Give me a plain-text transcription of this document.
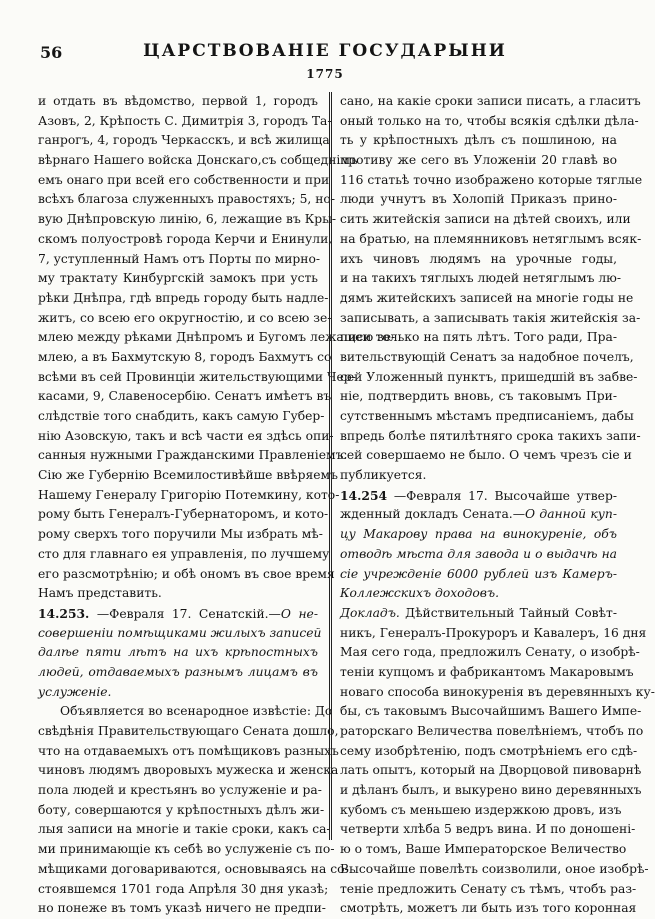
56	ЦАРСТВОВАНІЕ ГОСУДАРЫНИ
1775
и отдать въ вѣдомство, первой 1, городъ
Азовъ, 2, Крѣпость С. Димитрія 3, городъ Та-
ганрогъ, 4, городъ Черкасскъ, и всѣ жилища
вѣрнаго Нашего войска Донскаго,съ собщеднімъ
емъ онаго при всей его собственности и при
всѣхъ благоза служенныхъ правостяхъ; 5, но-
вую Днѣпровскую линію, 6, лежащие въ Кры-
скомъ полуостровѣ города Керчи и Енинули,
7, уступленный Намъ отъ Порты по мирно-
му трактату Кинбургскій замокъ при усть
рѣки Днѣпра, гдѣ впредь городу быть надле-
житъ, со всею его округностію, и со всею зе-
млею между рѣками Днѣпромъ и Бугомъ лежащею зе-
млею, а въ Бахмутскую 8, городъ Бахмутъ со
всѣми въ сей Провинціи жительствующими Чер-
касами, 9, Славеносербію. Сенатъ имѣетъ въ
слѣдствіе того снабдить, какъ самую Губер-
нію Азовскую, такъ и всѣ части ея здѣсь опи-
санныя нужными Гражданскими Правленіемъ.
Сію же Губернію Всемилостивѣйше ввѣряемъ
Нашему Генералу Григорію Потемкину, кото-
рому быть Генералъ-Губернаторомъ, и кото-
рому сверхъ того поручили Мы избрать мѣ-
сто для главнаго ея управленія, по лучшему
его разсмотрѣнію; и обѣ ономъ въ свое время
Намъ представить.
14.253. —Февраля 17. Сенатскій.—О не-
совершеніи помѣщиками жилыхъ записей
далѣе пяти лѣтъ на ихъ крѣпостныхъ
людей, отдаваемыхъ разнымъ лицамъ въ
услуженіе.
Объявляется во всенародное извѣстіе: До
свѣдѣнія Правительствующаго Сената дошло,
что на отдаваемыхъ отъ помѣщиковъ разныхъ
чиновъ людямъ дворовыхъ мужеска и женска
пола людей и крестьянъ во услуженіе и ра-
боту, совершаются у крѣпостныхъ дѣлъ жи-
лыя записи на многіе и такіе сроки, какъ са-
ми принимающіе къ себѣ во услуженіе съ по-
мѣщиками договариваются, основываясь на со-
стоявшемся 1701 года Апрѣля 30 дня указѣ;
но понеже въ томъ указѣ ничего не предпи-
сано, на какіе сроки записи писать, а гласитъ
оный только на то, чтобы всякія сдѣлки дѣла-
ть у крѣпостныхъ дѣлъ съ пошлиною, на
противу же сего въ Уложеніи 20 главѣ во
116 статьѣ точно изображено которые тяглые
люди учнутъ въ Холопій Приказъ прино-
сить житейскія записи на дѣтей своихъ, или
на братью, на племянниковъ нетяглымъ всяк-
ихъ чиновъ людямъ на урочные годы,
и на такихъ тяглыхъ людей нетяглымъ лю-
дямъ житейскихъ записей на многіе годы не
записывать, а записывать такія житейскія за-
писи только на пять лѣтъ. Того ради, Пра-
вительствующій Сенатъ за надобное почелъ,
сей Уложенный пунктъ, пришедшій въ забве-
ніе, подтвердить вновь, съ таковымъ При-
сутственнымъ мѣстамъ предписаніемъ, дабы
впредь болѣе пятилѣтняго срока такихъ запи-
сей совершаемо не было. О чемъ чрезъ сіе и
публикуется.
14.254 —Февраля 17. Высочайше утвер-
жденный докладъ Сената.—О данной куп-
цу Макарову права на винокуреніе, объ
отводѣ мѣста для завода и о выдачѣ на
сіе учрежденіе 6000 рублей изъ Камеръ-
Коллежскихъ доходовъ.
Докладъ. Дѣйствительный Тайный Совѣт-
никъ, Генералъ-Прокуроръ и Кавалеръ, 16 дня
Мая сего года, предложилъ Сенату, о изобрѣ-
теніи купцомъ и фабрикантомъ Макаровымъ
новаго способа винокуренія въ деревянныхъ ку-
бы, съ таковымъ Высочайшимъ Вашего Импе-
раторскаго Величества повелѣніемъ, чтобъ по
сему изобрѣтенію, подъ смотрѣніемъ его сдѣ-
лать опытъ, который на Дворцовой пивоварнѣ
и дѣланъ былъ, и выкурено вино деревянныхъ
кубомъ съ меньшею издержкою дровъ, изъ
четверти хлѣба 5 ведръ вина. И по доношені-
ю о томъ, Ваше Императорское Величество
Высочайше повелѣть соизволили, оное изобрѣ-
теніе предложить Сенату съ тѣмъ, чтобъ раз-
смотрѣть, можетъ ли быть изъ того коронная
